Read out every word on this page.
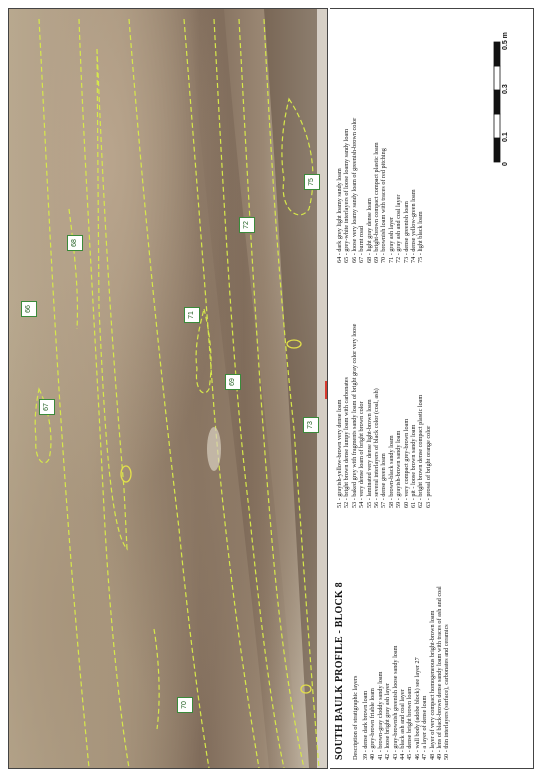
70
67
66
68
69
71
72
73
75
SOUTH BAULK PROFILE - BLOCK 8 Description of stratigraphic layers 39 - dense dark brown loam 40 - grey-brown friable loam 41 - brown-gray cloddy sandy loam 42 - loose bright gray ash layer 43 - gray-brownish greenish loose sandy loam 44 - black ash and coal layer 45 - dense bright brown loam 46 - wall body (adobe block) see layer 27 47 - a layer of dense loam 48 - layer of very compact homogeneous bright-brown loam 49 - lens of black-brown dense sandy loam with traces of ash and coal 50 - thin interlayers (surface), carbonates and ceramics
51 - grayish-yellow-brown very dense loam 52 - bright brown dense lumpy loam with carbonates 53 - baked grey with fragments sandy loam of bright gray color very loose 54 - very dense loam of bright brown color 55 - laminated very dense light-brown loam 56 - several interlayers of black color (coal, ash) 57 - dense green loam 58 - brown-black sandy loam 59 - grayish-brown sandy loam 60 - very compact grey-brown loam 61 - pit - loose brown sandy loam 62 - bright brown dense compact plastic loam 63 - prosal of bright orange color
64 - dark grey light loamy sandy loam 65 - grey-white interlayers of loose loamy sandy loam 66 - loose very loamy sandy loam of greenish-brown color 67 - burnt road 68 - light gray dense loam 69 - bright-brown compact compact plastic loam 70 - brownish loam with traces of red pitching 71 - gray ash layer 72 - gray ash and coal layer 73 - dense greenish loam 74 - dense yellow-green loam 75 - light black loam
0
0.1
0.3
0.5 m
